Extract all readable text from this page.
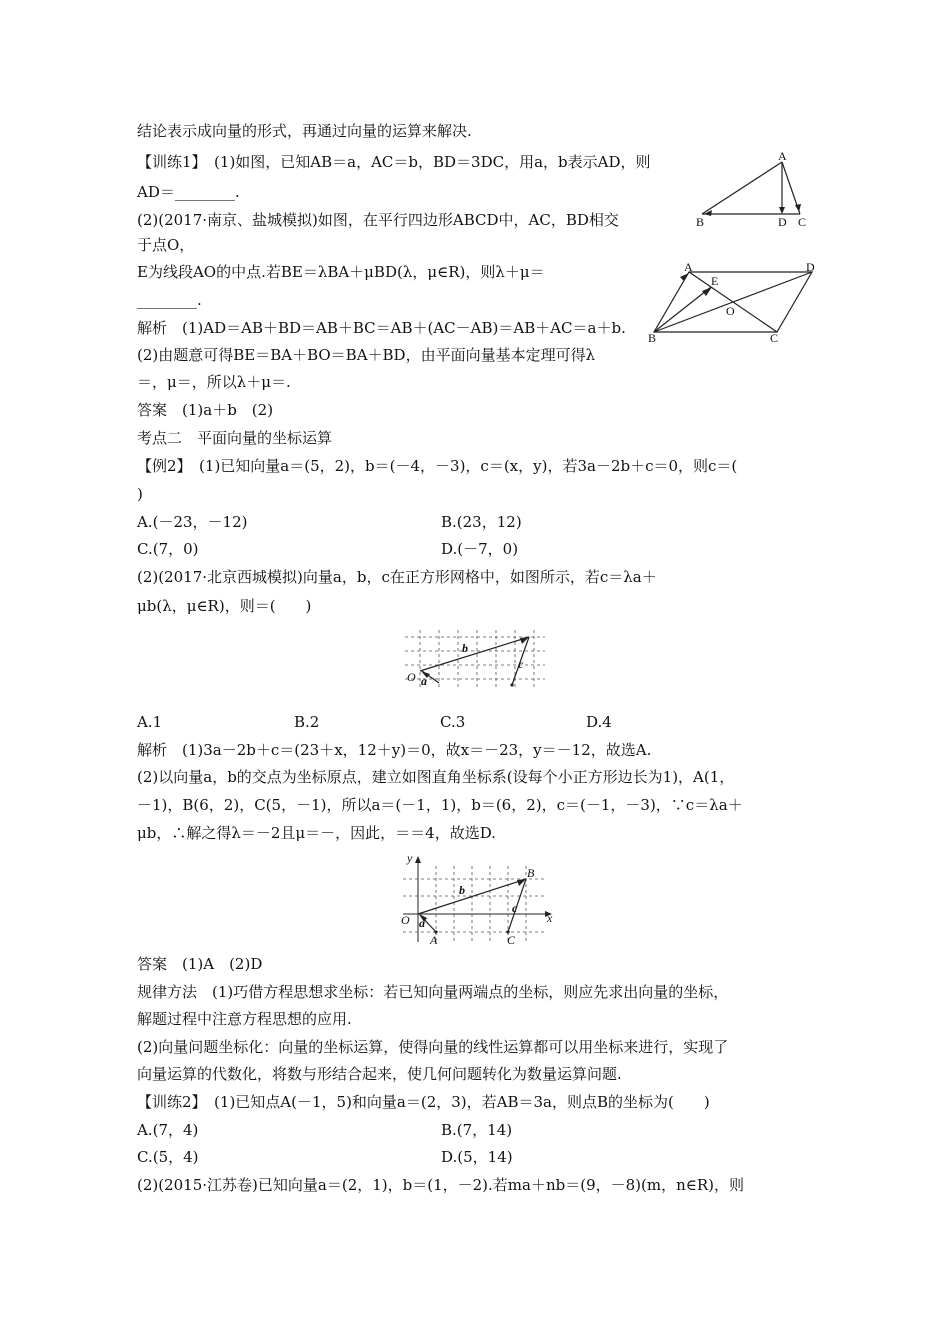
结论表示成向量的形式，再通过向量的运算来解决.
【训练1】　(1)如图，已知AB＝a，AC＝b，BD＝3DC，用a，b表示AD，则
AD＝________.
(2)(2017·南京、盐城模拟)如图，在平行四边形ABCD中，AC，BD相交
于点O，
E为线段AO的中点.若BE＝λBA＋μBD(λ，μ∈R)，则λ＋μ＝
________.
解析　(1)AD＝AB＋BD＝AB＋BC＝AB＋(AC－AB)＝AB＋AC＝a＋b.
(2)由题意可得BE＝BA＋BO＝BA＋BD，由平面向量基本定理可得λ
＝，μ＝，所以λ＋μ＝.
答案　(1)a＋b　(2)
考点二　平面向量的坐标运算
【例2】　(1)已知向量a＝(5，2)，b＝(－4，－3)，c＝(x，y)，若3a－2b＋c＝0，则c＝(
)
A.(－23，－12)	B.(23，12)
C.(7，0)	D.(－7，0)
(2)(2017·北京西城模拟)向量a，b，c在正方形网格中，如图所示，若c＝λa＋
μb(λ，μ∈R)，则＝(　　)
A.1	B.2	C.3	D.4
解析　(1)3a－2b＋c＝(23＋x，12＋y)＝0，故x＝－23，y＝－12，故选A.
(2)以向量a，b的交点为坐标原点，建立如图直角坐标系(设每个小正方形边长为1)，A(1，
－1)，B(6，2)，C(5，－1)，所以a＝(－1，1)，b＝(6，2)，c＝(－1，－3)，∵c＝λa＋
μb，∴解之得λ＝－2且μ＝－，因此，＝＝4，故选D.
答案　(1)A　(2)D
规律方法　(1)巧借方程思想求坐标：若已知向量两端点的坐标，则应先求出向量的坐标，
解题过程中注意方程思想的应用.
(2)向量问题坐标化：向量的坐标运算，使得向量的线性运算都可以用坐标来进行，实现了
向量运算的代数化，将数与形结合起来，使几何问题转化为数量运算问题.
【训练2】　(1)已知点A(－1，5)和向量a＝(2，3)，若AB＝3a，则点B的坐标为(　　)
A.(7，4)	B.(7，14)
C.(5，4)	D.(5，14)
(2)(2015·江苏卷)已知向量a＝(2，1)，b＝(1，－2).若ma＋nb＝(9，－8)(m，n∈R)，则
A
B	D C
A	D
E
O
B	C
b
c
O a
y
B
b
c
O a
A	C
x
